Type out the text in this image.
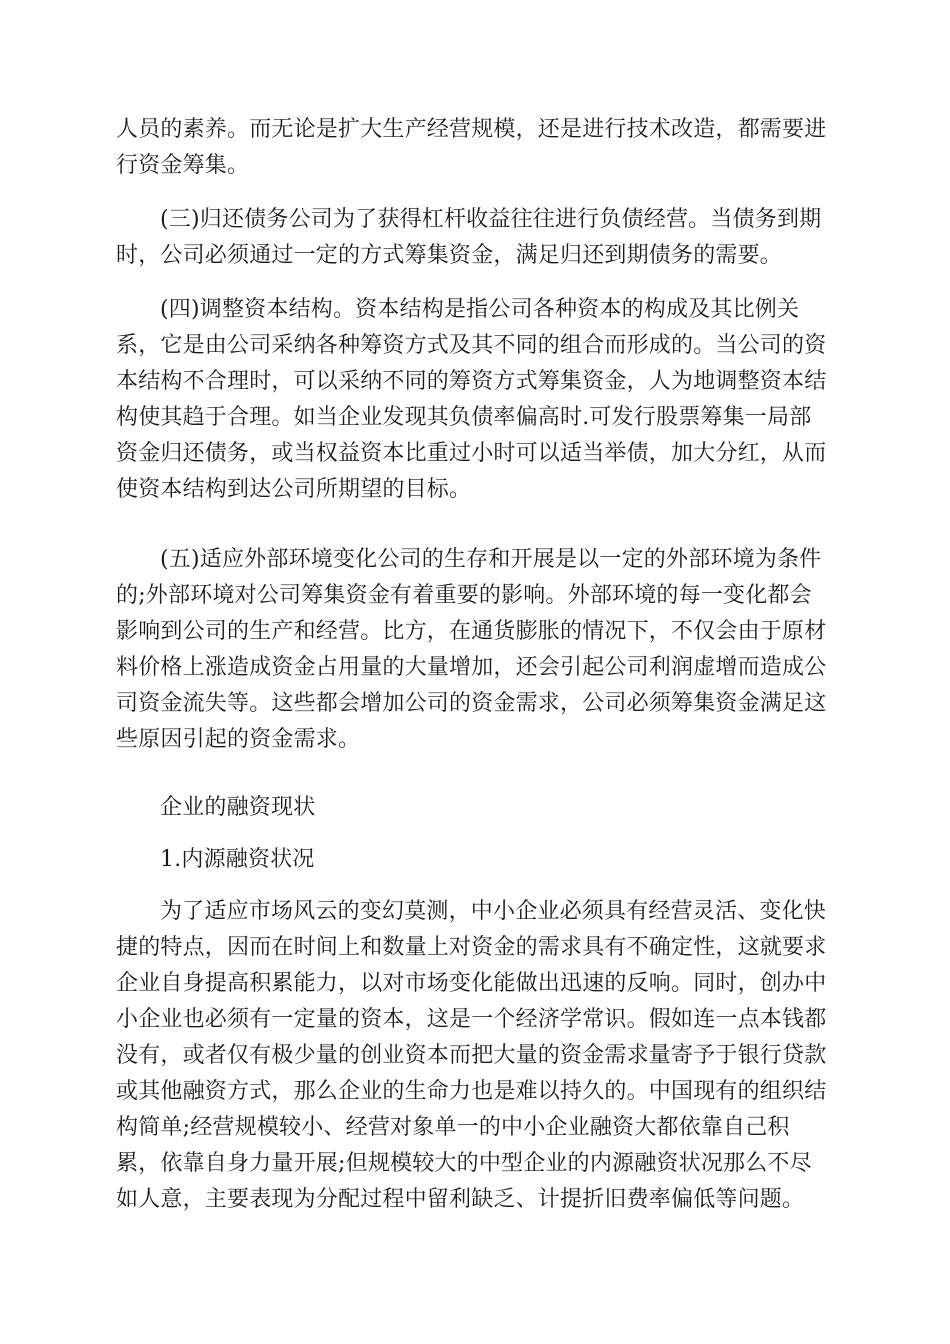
人员的素养。而无论是扩大生产经营规模，还是进行技术改造，都需要进
行资金筹集。
(三)归还债务公司为了获得杠杆收益往往进行负债经营。当债务到期
时，公司必须通过一定的方式筹集资金，满足归还到期债务的需要。
(四)调整资本结构。资本结构是指公司各种资本的构成及其比例关
系，它是由公司采纳各种筹资方式及其不同的组合而形成的。当公司的资
本结构不合理时，可以采纳不同的筹资方式筹集资金，人为地调整资本结
构使其趋于合理。如当企业发现其负债率偏高时.可发行股票筹集一局部
资金归还债务，或当权益资本比重过小时可以适当举债，加大分红，从而
使资本结构到达公司所期望的目标。
(五)适应外部环境变化公司的生存和开展是以一定的外部环境为条件
的;外部环境对公司筹集资金有着重要的影响。外部环境的每一变化都会
影响到公司的生产和经营。比方，在通货膨胀的情况下，不仅会由于原材
料价格上涨造成资金占用量的大量增加，还会引起公司利润虚增而造成公
司资金流失等。这些都会增加公司的资金需求，公司必须筹集资金满足这
些原因引起的资金需求。
企业的融资现状
1.内源融资状况
为了适应市场风云的变幻莫测，中小企业必须具有经营灵活、变化快
捷的特点，因而在时间上和数量上对资金的需求具有不确定性，这就要求
企业自身提高积累能力，以对市场变化能做出迅速的反响。同时，创办中
小企业也必须有一定量的资本，这是一个经济学常识。假如连一点本钱都
没有，或者仅有极少量的创业资本而把大量的资金需求量寄予于银行贷款
或其他融资方式，那么企业的生命力也是难以持久的。中国现有的组织结
构简单;经营规模较小、经营对象单一的中小企业融资大都依靠自己积
累，依靠自身力量开展;但规模较大的中型企业的内源融资状况那么不尽
如人意，主要表现为分配过程中留利缺乏、计提折旧费率偏低等问题。
